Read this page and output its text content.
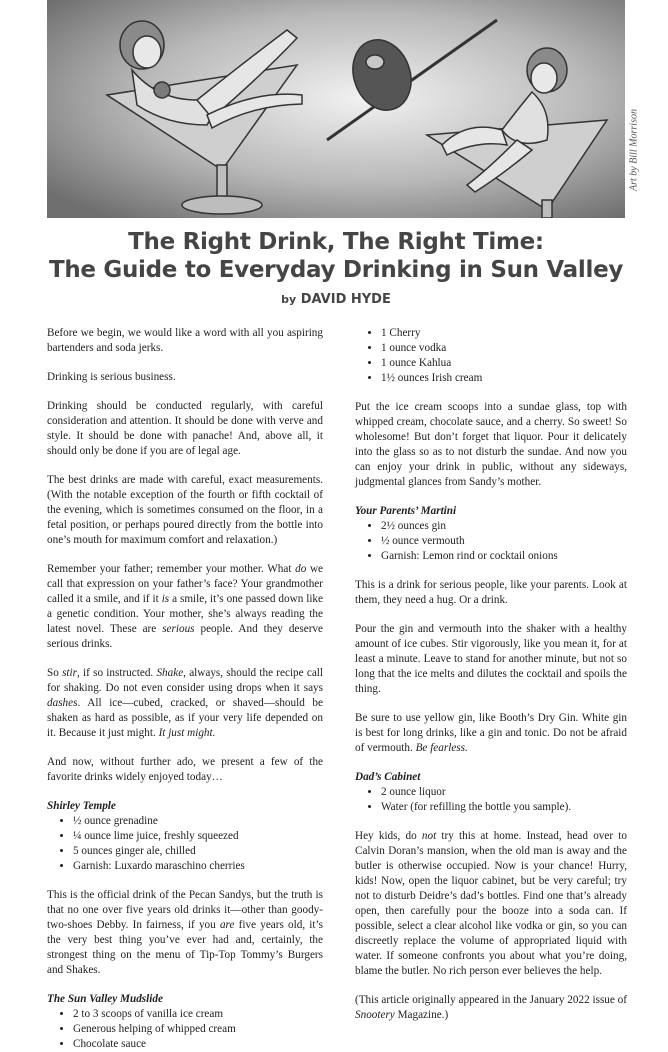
Art by Bill Morrison
The Right Drink, The Right Time:
The Guide to Everyday Drinking in Sun Valley
by DAVID HYDE

Before we begin, we would like a word with all you aspiring bartenders and soda jerks.

Drinking is serious business.

Drinking should be conducted regularly, with careful consideration and attention. It should be done with verve and style. It should be done with panache! And, above all, it should only be done if you are of legal age.

The best drinks are made with careful, exact measurements. (With the notable exception of the fourth or fifth cocktail of the evening, which is sometimes consumed on the floor, in a fetal position, or perhaps poured directly from the bottle into one’s mouth for maximum comfort and relaxation.)

Remember your father; remember your mother. What do we call that expression on your father’s face? Your grandmother called it a smile, and if it is a smile, it’s one passed down like a genetic condition. Your mother, she’s always reading the latest novel. These are serious people. And they deserve serious drinks.

So stir, if so instructed. Shake, always, should the recipe call for shaking. Do not even consider using drops when it says dashes. All ice—cubed, cracked, or shaved—should be shaken as hard as possible, as if your very life depended on it. Because it just might. It just might.

And now, without further ado, we present a few of the favorite drinks widely enjoyed today…

Shirley Temple
• ½ ounce grenadine
• ¼ ounce lime juice, freshly squeezed
• 5 ounces ginger ale, chilled
• Garnish: Luxardo maraschino cherries

This is the official drink of the Pecan Sandys, but the truth is that no one over five years old drinks it—other than goody-two-shoes Debby. In fairness, if you are five years old, it’s the very best thing you’ve ever had and, certainly, the strongest thing on the menu of Tip-Top Tommy’s Burgers and Shakes.

The Sun Valley Mudslide
• 2 to 3 scoops of vanilla ice cream
• Generous helping of whipped cream
• Chocolate sauce
• 1 Cherry
• 1 ounce vodka
• 1 ounce Kahlua
• 1½ ounces Irish cream

Put the ice cream scoops into a sundae glass, top with whipped cream, chocolate sauce, and a cherry. So sweet! So wholesome! But don’t forget that liquor. Pour it delicately into the glass so as to not disturb the sundae. And now you can enjoy your drink in public, without any sideways, judgmental glances from Sandy’s mother.

Your Parents’ Martini
• 2½ ounces gin
• ½ ounce vermouth
• Garnish: Lemon rind or cocktail onions

This is a drink for serious people, like your parents. Look at them, they need a hug. Or a drink.

Pour the gin and vermouth into the shaker with a healthy amount of ice cubes. Stir vigorously, like you mean it, for at least a minute. Leave to stand for another minute, but not so long that the ice melts and dilutes the cocktail and spoils the thing.

Be sure to use yellow gin, like Booth’s Dry Gin. White gin is best for long drinks, like a gin and tonic. Do not be afraid of vermouth. Be fearless.

Dad’s Cabinet
• 2 ounce liquor
• Water (for refilling the bottle you sample).

Hey kids, do not try this at home. Instead, head over to Calvin Doran’s mansion, when the old man is away and the butler is otherwise occupied. Now is your chance! Hurry, kids! Now, open the liquor cabinet, but be very careful; try not to disturb Deidre’s dad’s bottles. Find one that’s already open, then carefully pour the booze into a soda can. If possible, select a clear alcohol like vodka or gin, so you can discreetly replace the volume of appropriated liquid with water. If someone confronts you about what you’re doing, blame the butler. No rich person ever believes the help.

(This article originally appeared in the January 2022 issue of Snootery Magazine.)
